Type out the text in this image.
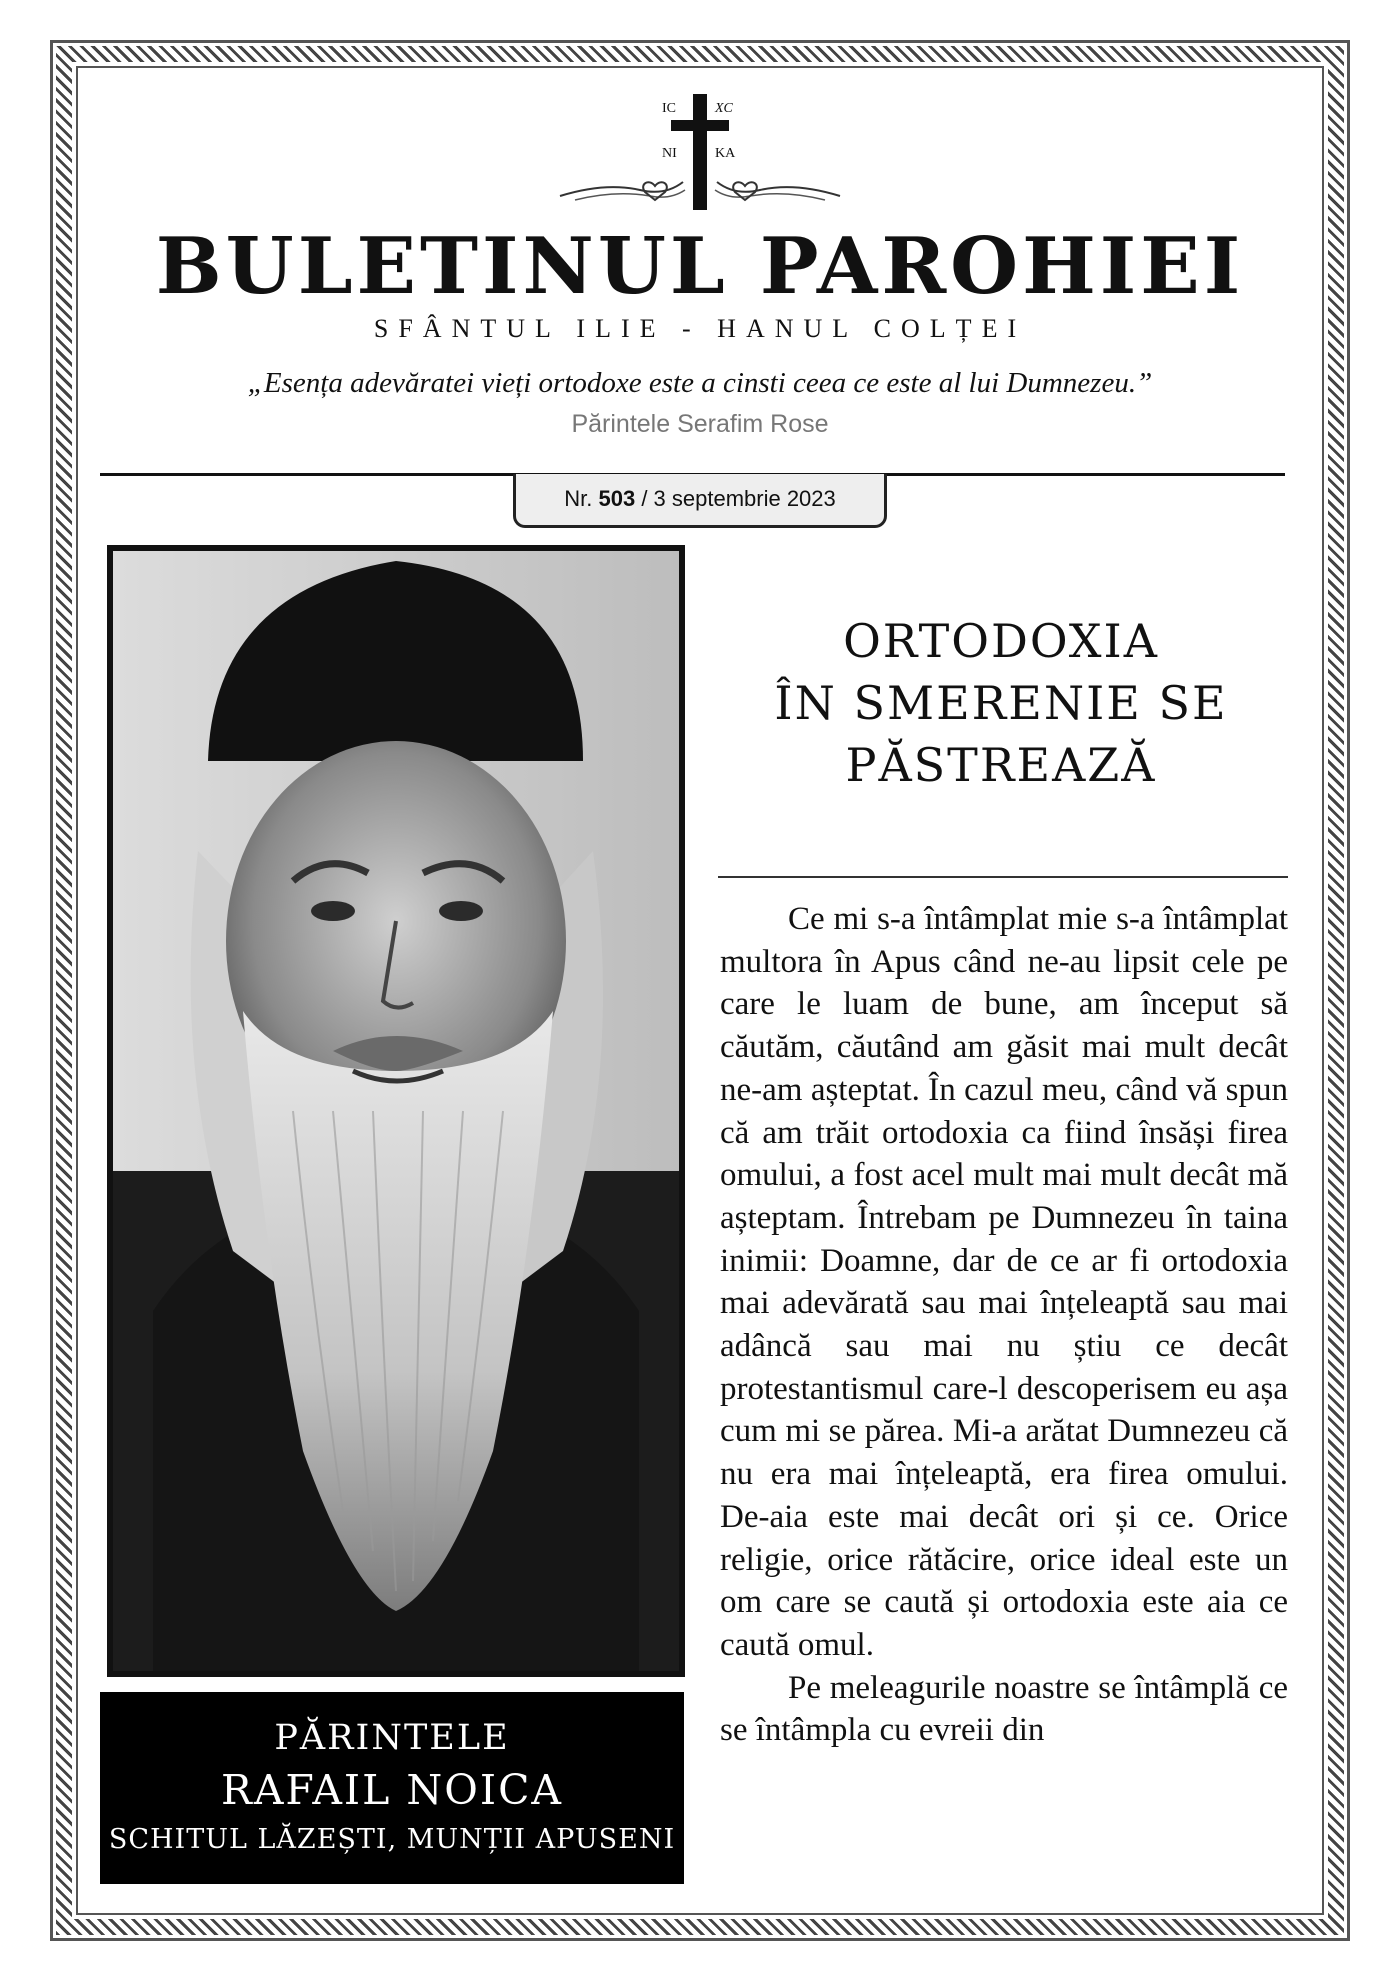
IC	XC
NI	KA
BULETINUL PAROHIEI
SFÂNTUL ILIE - HANUL COLȚEI
„Esența adevăratei vieți ortodoxe este a cinsti ceea ce este al lui Dumnezeu.”
Părintele Serafim Rose
Nr. 503 / 3 septembrie 2023
PĂRINTELE
RAFAIL NOICA
SCHITUL LĂZEȘTI, MUNȚII APUSENI
ORTODOXIA
ÎN SMERENIE SE
PĂSTREAZĂ

Ce mi s-a întâmplat mie s-a întâmplat multora în Apus când ne-au lipsit cele pe care le luam de bune, am început să căutăm, căutând am găsit mai mult decât ne-am așteptat. În cazul meu, când vă spun că am trăit ortodoxia ca fiind însăși firea omului, a fost acel mult mai mult decât mă așteptam. Întrebam pe Dumnezeu în taina inimii: Doamne, dar de ce ar fi ortodoxia mai adevărată sau mai înțeleaptă sau mai adâncă sau mai nu știu ce decât protestantismul care-l descoperisem eu așa cum mi se părea. Mi-a arătat Dumnezeu că nu era mai înțeleaptă, era firea omului. De-aia este mai decât ori și ce. Orice religie, orice rătăcire, orice ideal este un om care se caută și ortodoxia este aia ce caută omul.

Pe meleagurile noastre se întâmplă ce se întâmpla cu evreii din
